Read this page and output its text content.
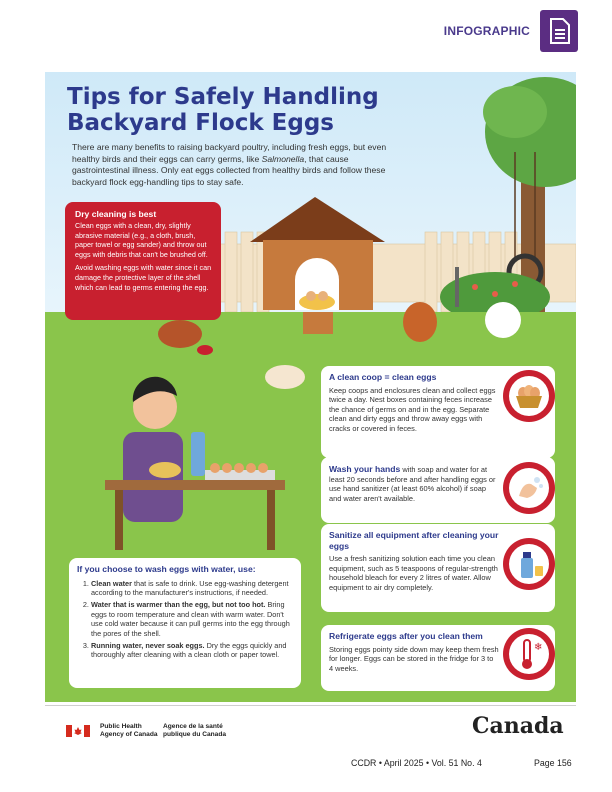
INFOGRAPHIC
Tips for Safely Handling
Backyard Flock Eggs
There are many benefits to raising backyard poultry, including fresh eggs, but even healthy birds and their eggs can carry germs, like Salmonella, that cause gastrointestinal illness. Only eat eggs collected from healthy birds and follow these backyard flock egg-handling tips to stay safe.
Dry cleaning is best
Clean eggs with a clean, dry, slightly abrasive material (e.g., a cloth, brush, paper towel or egg sander) and throw out eggs with debris that can't be brushed off.
Avoid washing eggs with water since it can damage the protective layer of the shell which can lead to germs entering the egg.
A clean coop = clean eggs
Keep coops and enclosures clean and collect eggs twice a day. Nest boxes containing feces increase the chance of germs on and in the egg. Separate clean and dirty eggs and throw away eggs with cracks or covered in feces.
Wash your hands with soap and water for at least 20 seconds before and after handling eggs or use hand sanitizer (at least 60% alcohol) if soap and water aren't available.
Sanitize all equipment after cleaning your eggs
Use a fresh sanitizing solution each time you clean equipment, such as 5 teaspoons of regular-strength household bleach for every 2 litres of water. Allow equipment to air dry completely.
Refrigerate eggs after you clean them
Storing eggs pointy side down may keep them fresh for longer. Eggs can be stored in the fridge for 3 to 4 weeks.
❄
If you choose to wash eggs with water, use:
1. Clean water that is safe to drink. Use egg-washing detergent according to the manufacturer's instructions, if needed.
2. Water that is warmer than the egg, but not too hot. Bring eggs to room temperature and clean with warm water. Don't use cold water because it can pull germs into the egg through the pores of the shell.
3. Running water, never soak eggs. Dry the eggs quickly and thoroughly after cleaning with a clean cloth or paper towel.
Public Health
Agency of Canada
Agence de la santé
publique du Canada	Canada
CCDR • April 2025 • Vol. 51 No. 4	Page 156
